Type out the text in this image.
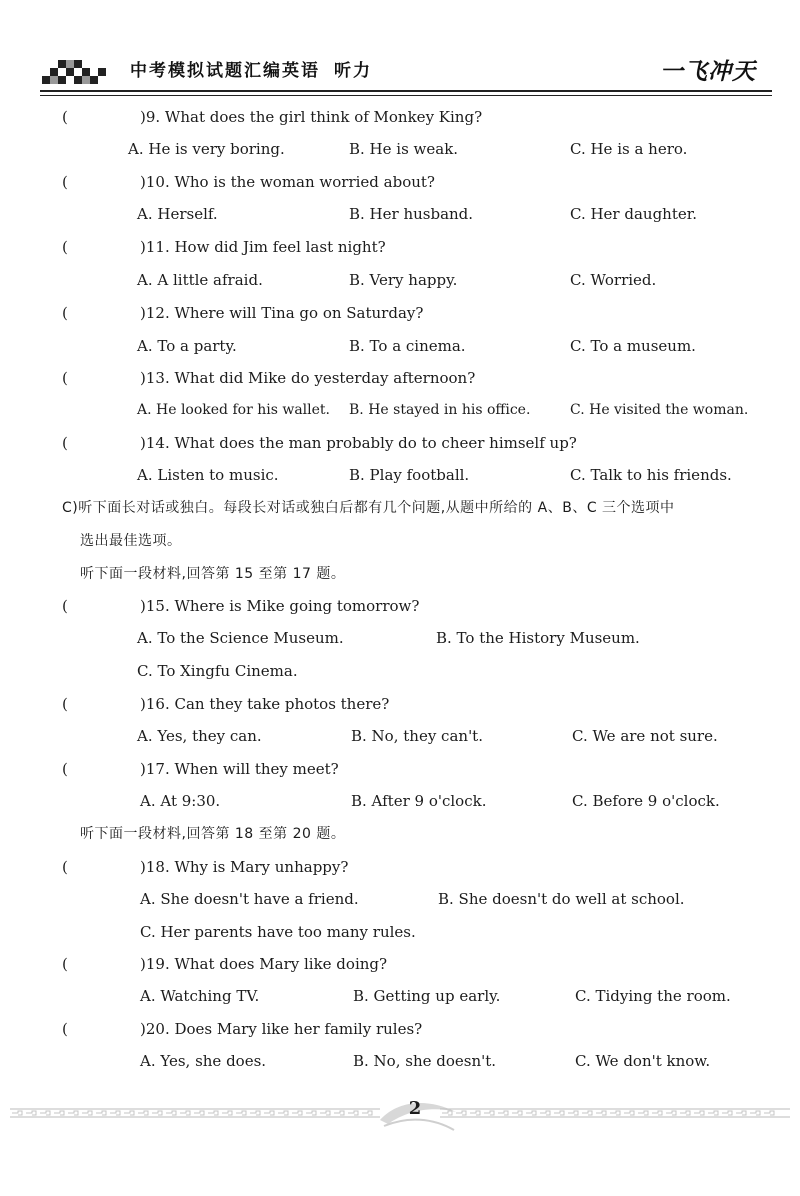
中考模拟试题汇编英语 听力	一飞冲天
(	)9. What does the girl think of Monkey King?
A. He is very boring.	B. He is weak.	C. He is a hero.
(	)10. Who is the woman worried about?
A. Herself.	B. Her husband.	C. Her daughter.
(	)11. How did Jim feel last night?
A. A little afraid.	B. Very happy.	C. Worried.
(	)12. Where will Tina go on Saturday?
A. To a party.	B. To a cinema.	C. To a museum.
(	)13. What did Mike do yesterday afternoon?
A. He looked for his wallet. B. He stayed in his office.	C. He visited the woman.
(	)14. What does the man probably do to cheer himself up?
A. Listen to music.	B. Play football.	C. Talk to his friends.
C)听下面长对话或独白。每段长对话或独白后都有几个问题,从题中所给的 A、B、C 三个选项中
选出最佳选项。
听下面一段材料,回答第 15 至第 17 题。
(	)15. Where is Mike going tomorrow?
A. To the Science Museum.	B. To the History Museum.
C. To Xingfu Cinema.
(	)16. Can they take photos there?
A. Yes, they can.	B. No, they can't.	C. We are not sure.
(	)17. When will they meet?
A. At 9:30.	B. After 9 o'clock.	C. Before 9 o'clock.
听下面一段材料,回答第 18 至第 20 题。
(	)18. Why is Mary unhappy?
A. She doesn't have a friend.	B. She doesn't do well at school.
C. Her parents have too many rules.
(	)19. What does Mary like doing?
A. Watching TV.	B. Getting up early.	C. Tidying the room.
(	)20. Does Mary like her family rules?
A. Yes, she does.	B. No, she doesn't.	C. We don't know.
2
